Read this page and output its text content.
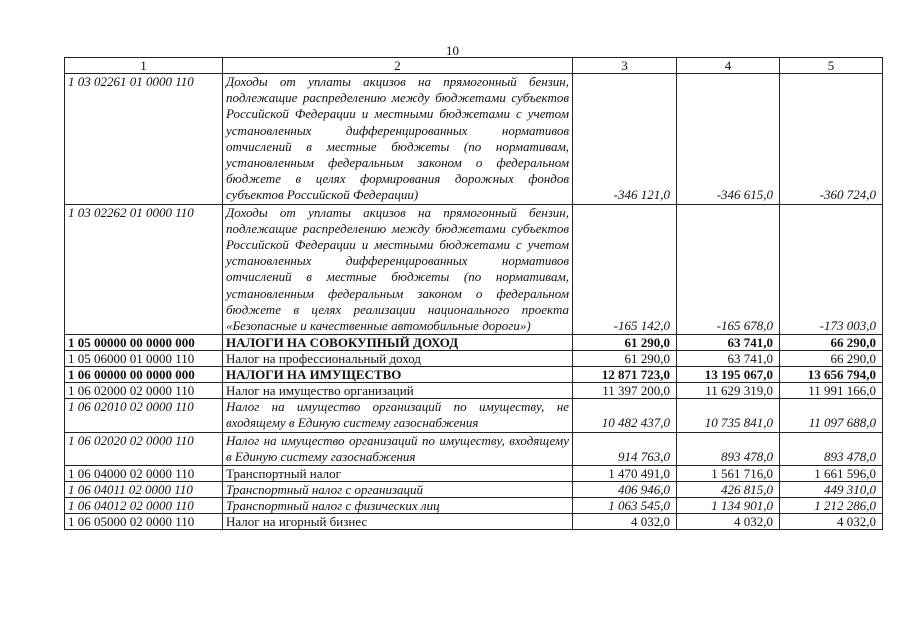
10
1	2	3	4	5
1 03 02261 01 0000 110	Доходы от уплаты акцизов на прямогонный бензин, подлежащие распределению между бюджетами субъектов Российской Федерации и местными бюджетами с учетом установленных дифференцированных нормативов отчислений в местные бюджеты (по нормативам, установленным федеральным законом о федеральном бюджете в целях формирования дорожных фондов субъектов Российской Федерации)	-346 121,0	-346 615,0	-360 724,0
1 03 02262 01 0000 110	Доходы от уплаты акцизов на прямогонный бензин, подлежащие распределению между бюджетами субъектов Российской Федерации и местными бюджетами с учетом установленных дифференцированных нормативов отчислений в местные бюджеты (по нормативам, установленным федеральным законом о федеральном бюджете в целях реализации национального проекта «Безопасные и качественные автомобильные дороги»)	-165 142,0	-165 678,0	-173 003,0
1 05 00000 00 0000 000	НАЛОГИ НА СОВОКУПНЫЙ ДОХОД	61 290,0	63 741,0	66 290,0
1 05 06000 01 0000 110	Налог на профессиональный доход	61 290,0	63 741,0	66 290,0
1 06 00000 00 0000 000	НАЛОГИ НА ИМУЩЕСТВО	12 871 723,0	13 195 067,0	13 656 794,0
1 06 02000 02 0000 110	Налог на имущество организаций	11 397 200,0	11 629 319,0	11 991 166,0
1 06 02010 02 0000 110	Налог на имущество организаций по имуществу, не входящему в Единую систему газоснабжения	10 482 437,0	10 735 841,0	11 097 688,0
1 06 02020 02 0000 110	Налог на имущество организаций по имуществу, входящему в Единую систему газоснабжения	914 763,0	893 478,0	893 478,0
1 06 04000 02 0000 110	Транспортный налог	1 470 491,0	1 561 716,0	1 661 596,0
1 06 04011 02 0000 110	Транспортный налог с организаций	406 946,0	426 815,0	449 310,0
1 06 04012 02 0000 110	Транспортный налог с физических лиц	1 063 545,0	1 134 901,0	1 212 286,0
1 06 05000 02 0000 110	Налог на игорный бизнес	4 032,0	4 032,0	4 032,0
